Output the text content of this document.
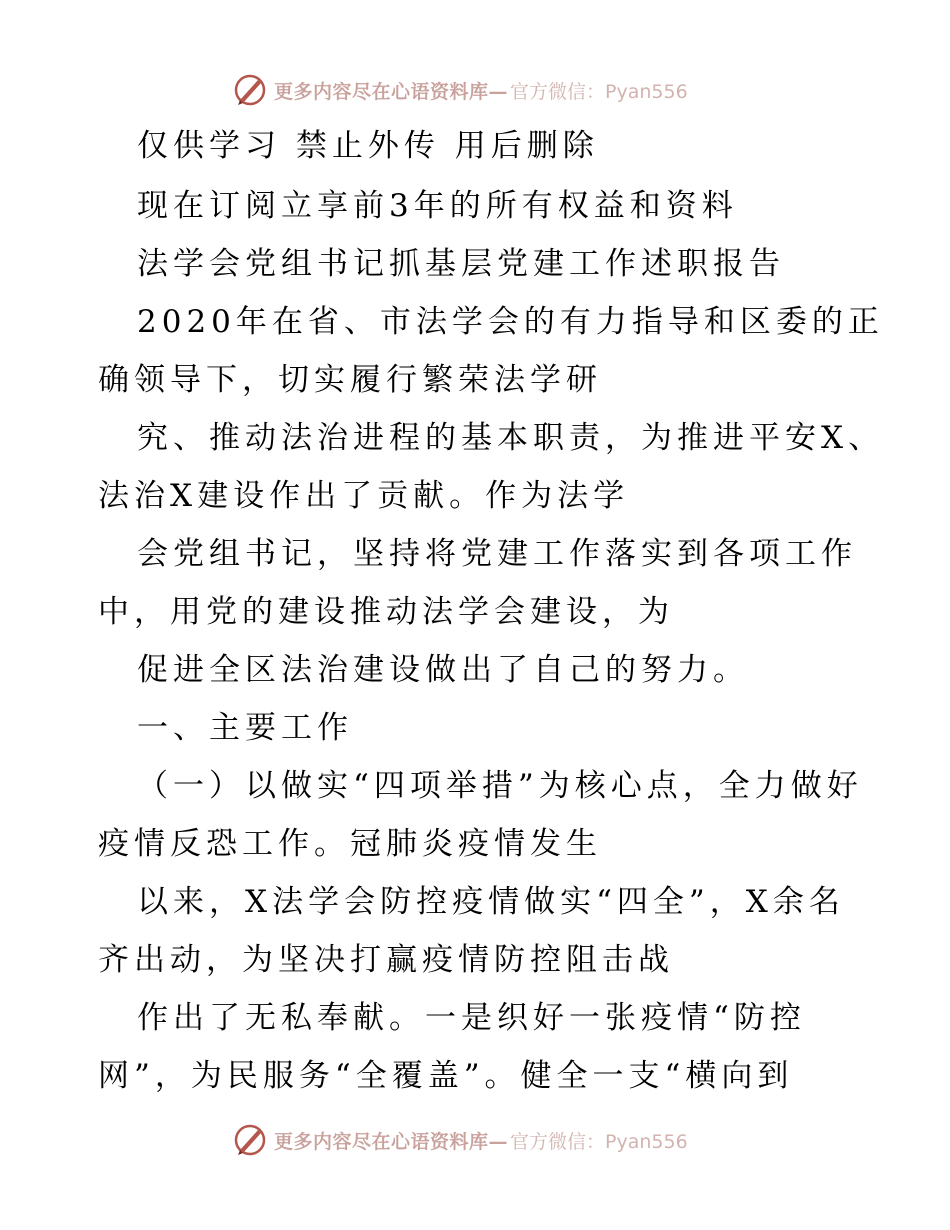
更多内容尽在心语资料库— 官方微信：Pyan556
仅供学习 禁止外传 用后删除
现在订阅立享前3年的所有权益和资料
法学会党组书记抓基层党建工作述职报告
2020年在省、市法学会的有力指导和区委的正
确领导下，切实履行繁荣法学研
究、推动法治进程的基本职责，为推进平安X、
法治X建设作出了贡献。作为法学
会党组书记，坚持将党建工作落实到各项工作
中，用党的建设推动法学会建设，为
促进全区法治建设做出了自己的努力。
一、主要工作
（一）以做实“四项举措”为核心点，全力做好
疫情反恐工作。冠肺炎疫情发生
以来，X法学会防控疫情做实“四全”，X余名
齐出动，为坚决打赢疫情防控阻击战
作出了无私奉献。一是织好一张疫情“防控
网”，为民服务“全覆盖”。健全一支“横向到
更多内容尽在心语资料库— 官方微信：Pyan556
